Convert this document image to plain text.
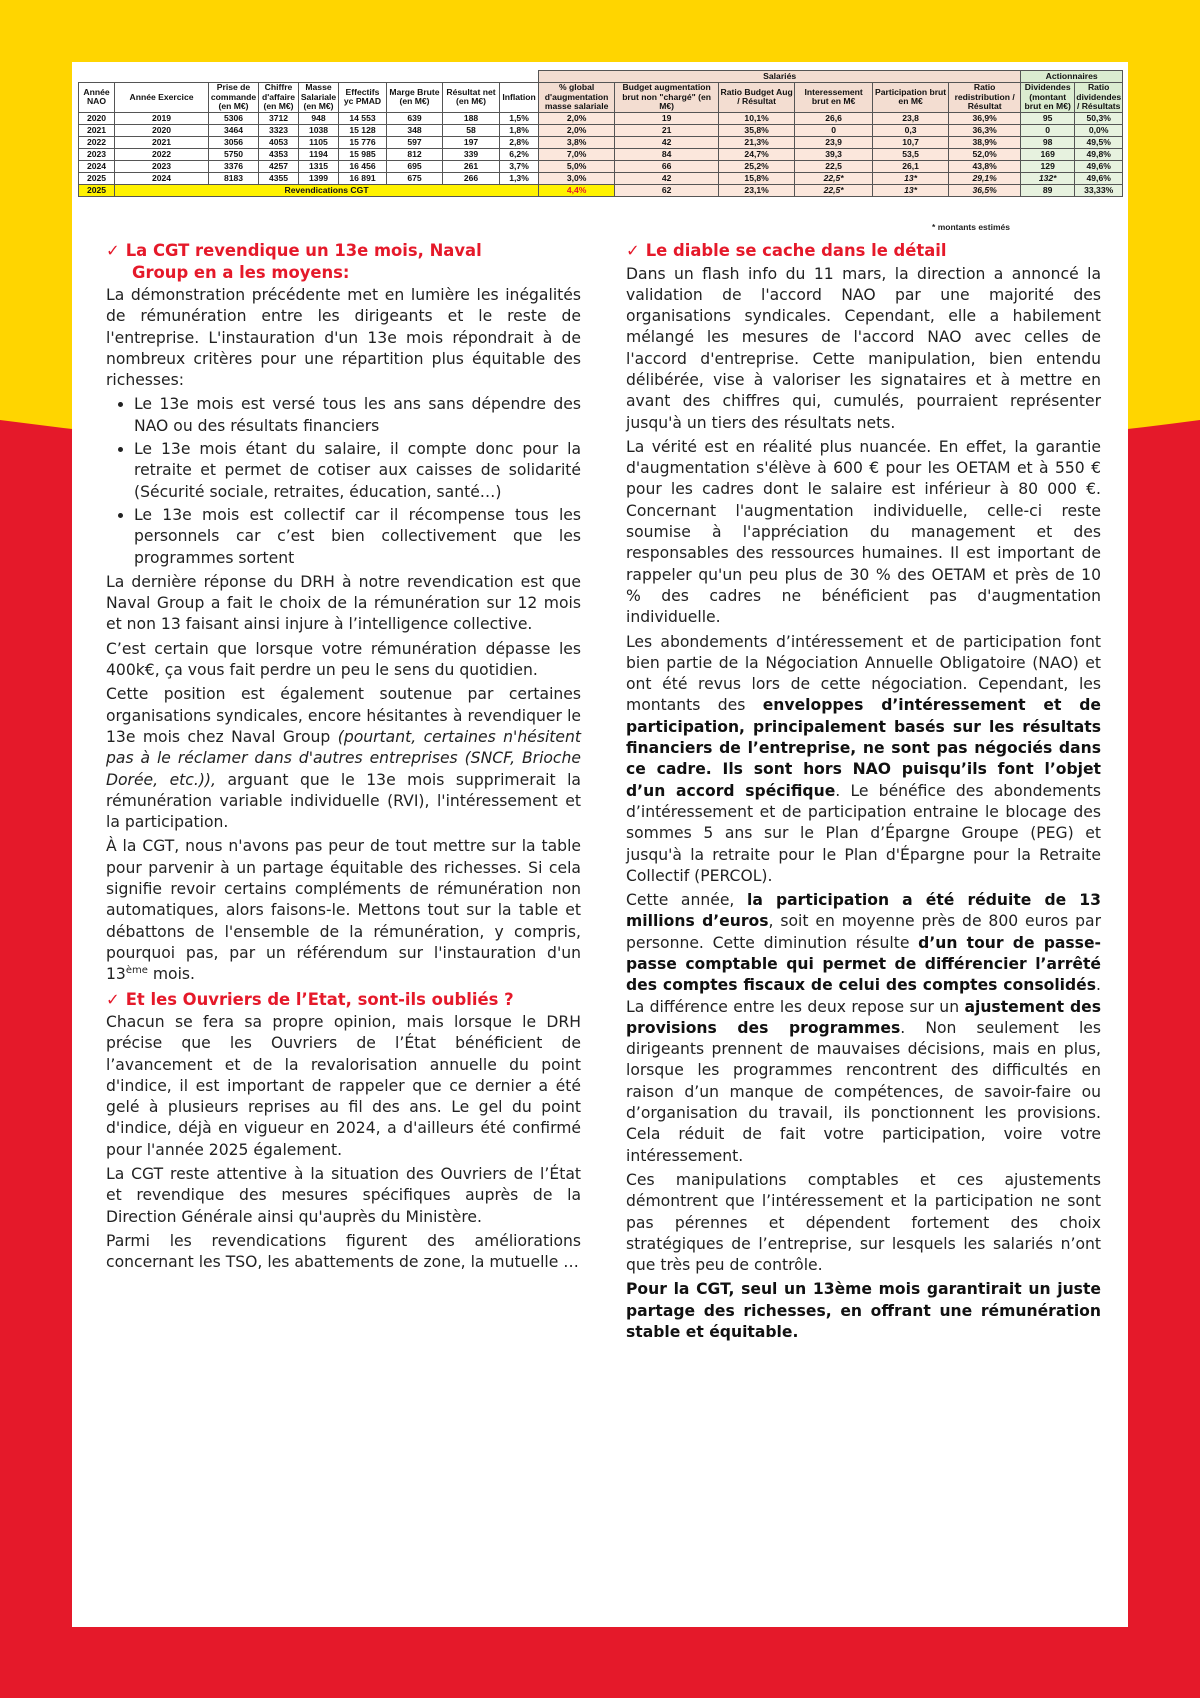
									Salariés						Actionnaires	
Année NAO	Année Exercice	Prise de commande (en M€)	Chiffre d'affaire (en M€)	Masse Salariale (en M€)	Effectifs yc PMAD	Marge Brute (en M€)	Résultat net (en M€)	Inflation	% global d'augmentation masse salariale	Budget augmentation brut non "chargé" (en M€)	Ratio Budget Aug / Résultat	Interessement brut en M€	Participation brut en M€	Ratio redistribution / Résultat	Dividendes (montant brut en M€)	Ratio dividendes / Résultats
2020	2019	5306	3712	948	14 553	639	188	1,5%	2,0%	19	10,1%	26,6	23,8	36,9%	95	50,3%
2021	2020	3464	3323	1038	15 128	348	58	1,8%	2,0%	21	35,8%	0	0,3	36,3%	0	0,0%
2022	2021	3056	4053	1105	15 776	597	197	2,8%	3,8%	42	21,3%	23,9	10,7	38,9%	98	49,5%
2023	2022	5750	4353	1194	15 985	812	339	6,2%	7,0%	84	24,7%	39,3	53,5	52,0%	169	49,8%
2024	2023	3376	4257	1315	16 456	695	261	3,7%	5,0%	66	25,2%	22,5	26,1	43,8%	129	49,6%
2025	2024	8183	4355	1399	16 891	675	266	1,3%	3,0%	42	15,8%	22,5*	13*	29,1%	132*	49,6%
2025	Revendications CGT								4,4%	62	23,1%	22,5*	13*	36,5%	89	33,33%
* montants estimés
✓ La CGT revendique un 13e mois, Naval
Group en a les moyens:

La démonstration précédente met en lumière les inégalités de rémunération entre les dirigeants et le reste de l'entreprise. L'instauration d'un 13e mois répondrait à de nombreux critères pour une répartition plus équitable des richesses:

• Le 13e mois est versé tous les ans sans dépendre des NAO ou des résultats financiers
• Le 13e mois étant du salaire, il compte donc pour la retraite et permet de cotiser aux caisses de solidarité (Sécurité sociale, retraites, éducation, santé…)
• Le 13e mois est collectif car il récompense tous les personnels car c’est bien collectivement que les programmes sortent

La dernière réponse du DRH à notre revendication est que Naval Group a fait le choix de la rémunération sur 12 mois et non 13 faisant ainsi injure à l’intelligence collective.

C’est certain que lorsque votre rémunération dépasse les 400k€, ça vous fait perdre un peu le sens du quotidien.

Cette position est également soutenue par certaines organisations syndicales, encore hésitantes à revendiquer le 13e mois chez Naval Group (pourtant, certaines n'hésitent pas à le réclamer dans d'autres entreprises (SNCF, Brioche Dorée, etc.)), arguant que le 13e mois supprimerait la rémunération variable individuelle (RVI), l'intéressement et la participation.

À la CGT, nous n'avons pas peur de tout mettre sur la table pour parvenir à un partage équitable des richesses. Si cela signifie revoir certains compléments de rémunération non automatiques, alors faisons-le. Mettons tout sur la table et débattons de l'ensemble de la rémunération, y compris, pourquoi pas, par un référendum sur l'instauration d'un 13ème mois.

✓ Et les Ouvriers de l’Etat, sont-ils oubliés ?

Chacun se fera sa propre opinion, mais lorsque le DRH précise que les Ouvriers de l’État bénéficient de l’avancement et de la revalorisation annuelle du point d'indice, il est important de rappeler que ce dernier a été gelé à plusieurs reprises au fil des ans. Le gel du point d'indice, déjà en vigueur en 2024, a d'ailleurs été confirmé pour l'année 2025 également.

La CGT reste attentive à la situation des Ouvriers de l’État et revendique des mesures spécifiques auprès de la Direction Générale ainsi qu'auprès du Ministère.

Parmi les revendications figurent des améliorations concernant les TSO, les abattements de zone, la mutuelle …

✓ Le diable se cache dans le détail

Dans un flash info du 11 mars, la direction a annoncé la validation de l'accord NAO par une majorité des organisations syndicales. Cependant, elle a habilement mélangé les mesures de l'accord NAO avec celles de l'accord d'entreprise. Cette manipulation, bien entendu délibérée, vise à valoriser les signataires et à mettre en avant des chiffres qui, cumulés, pourraient représenter jusqu'à un tiers des résultats nets.

La vérité est en réalité plus nuancée. En effet, la garantie d'augmentation s'élève à 600 € pour les OETAM et à 550 € pour les cadres dont le salaire est inférieur à 80 000 €. Concernant l'augmentation individuelle, celle-ci reste soumise à l'appréciation du management et des responsables des ressources humaines. Il est important de rappeler qu'un peu plus de 30 % des OETAM et près de 10 % des cadres ne bénéficient pas d'augmentation individuelle.

Les abondements d’intéressement et de participation font bien partie de la Négociation Annuelle Obligatoire (NAO) et ont été revus lors de cette négociation. Cependant, les montants des enveloppes d’intéressement et de participation, principalement basés sur les résultats financiers de l’entreprise, ne sont pas négociés dans ce cadre. Ils sont hors NAO puisqu’ils font l’objet d’un accord spécifique. Le bénéfice des abondements d’intéressement et de participation entraine le blocage des sommes 5 ans sur le Plan d’Épargne Groupe (PEG) et jusqu'à la retraite pour le Plan d'Épargne pour la Retraite Collectif (PERCOL).

Cette année, la participation a été réduite de 13 millions d’euros, soit en moyenne près de 800 euros par personne. Cette diminution résulte d’un tour de passe-passe comptable qui permet de différencier l’arrêté des comptes fiscaux de celui des comptes consolidés. La différence entre les deux repose sur un ajustement des provisions des programmes. Non seulement les dirigeants prennent de mauvaises décisions, mais en plus, lorsque les programmes rencontrent des difficultés en raison d’un manque de compétences, de savoir-faire ou d’organisation du travail, ils ponctionnent les provisions. Cela réduit de fait votre participation, voire votre intéressement.

Ces manipulations comptables et ces ajustements démontrent que l’intéressement et la participation ne sont pas pérennes et dépendent fortement des choix stratégiques de l’entreprise, sur lesquels les salariés n’ont que très peu de contrôle.

Pour la CGT, seul un 13ème mois garantirait un juste partage des richesses, en offrant une rémunération stable et équitable.
